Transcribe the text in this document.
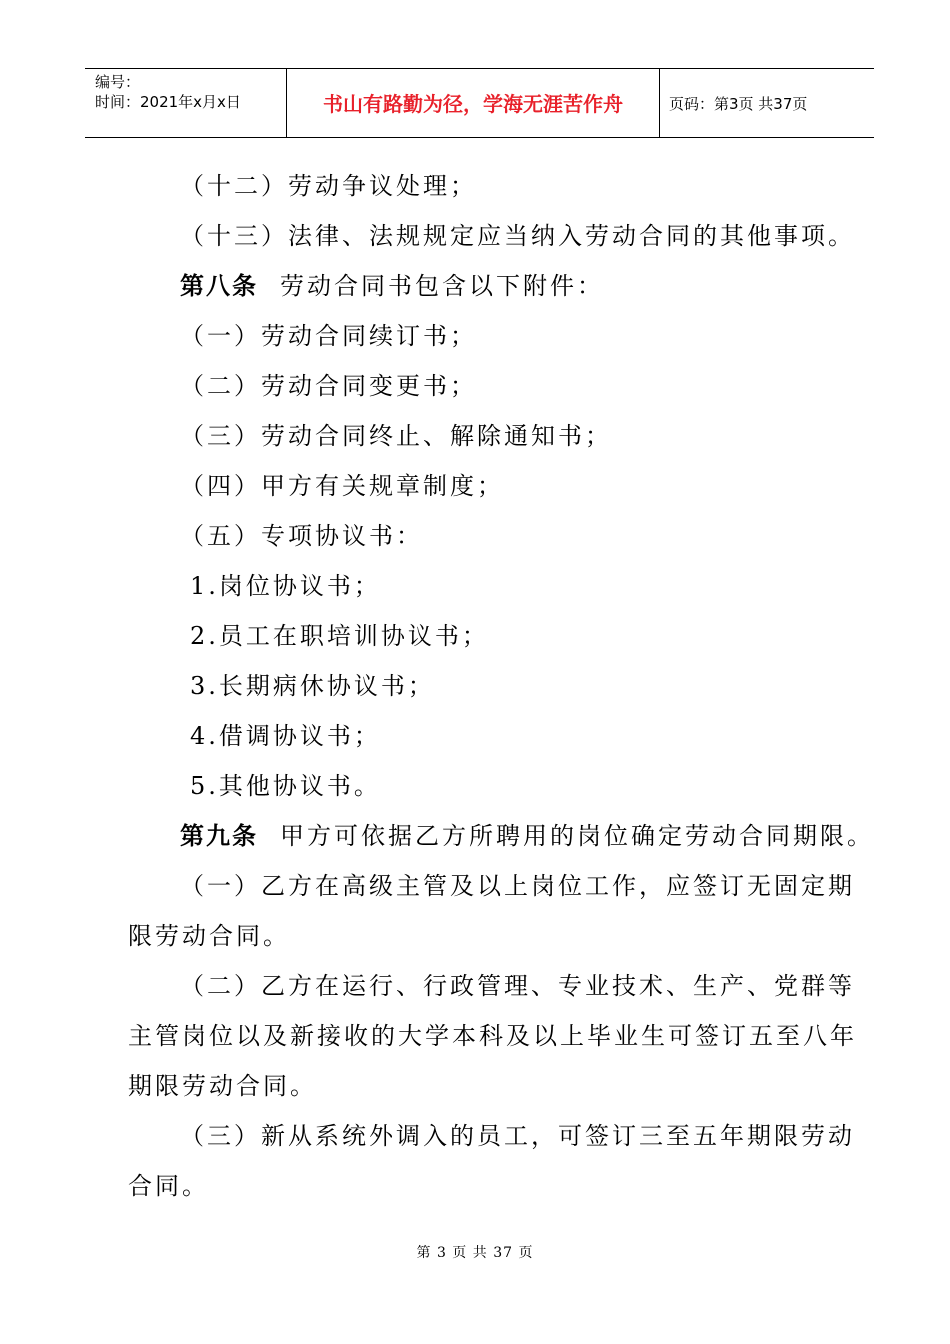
编号：
时间：2021年x月x日	书山有路勤为径，学海无涯苦作舟	页码：第3页 共37页
（十二）劳动争议处理；
（十三）法律、法规规定应当纳入劳动合同的其他事项。
第八条 劳动合同书包含以下附件：
（一）劳动合同续订书；
（二）劳动合同变更书；
（三）劳动合同终止、解除通知书；
（四）甲方有关规章制度；
（五）专项协议书：
1.岗位协议书；
2.员工在职培训协议书；
3.长期病休协议书；
4.借调协议书；
5.其他协议书。
第九条 甲方可依据乙方所聘用的岗位确定劳动合同期限。
（一）乙方在高级主管及以上岗位工作，应签订无固定期
限劳动合同。
（二）乙方在运行、行政管理、专业技术、生产、党群等
主管岗位以及新接收的大学本科及以上毕业生可签订五至八年
期限劳动合同。
（三）新从系统外调入的员工，可签订三至五年期限劳动
合同。
第 3 页 共 37 页
